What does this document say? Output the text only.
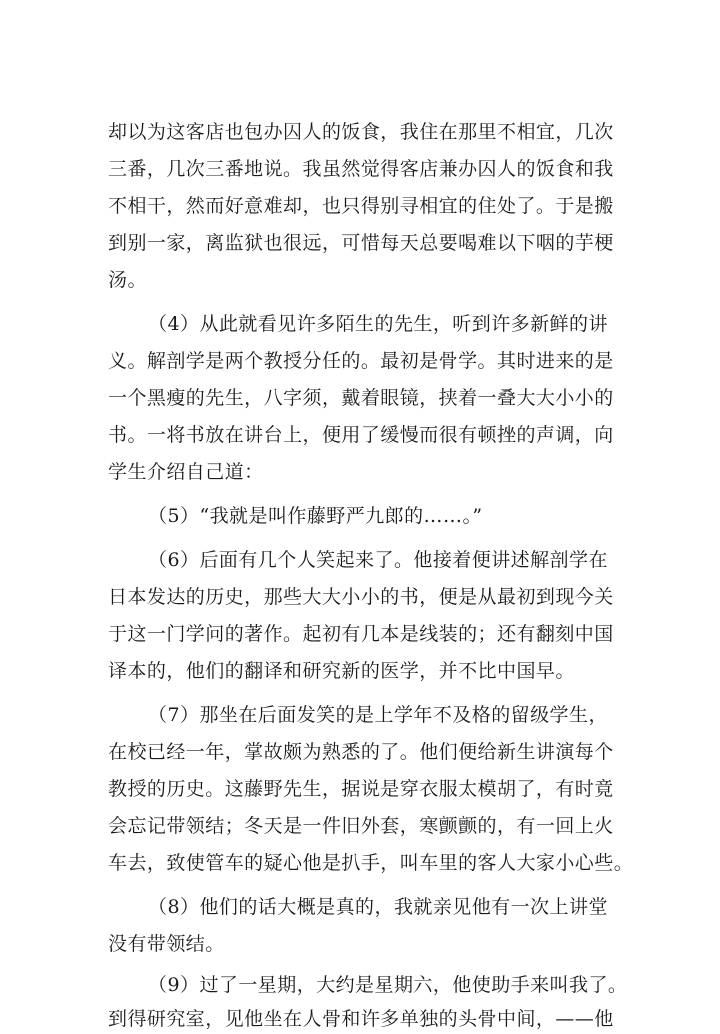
却以为这客店也包办囚人的饭食，我住在那里不相宜，几次
三番，几次三番地说。我虽然觉得客店兼办囚人的饭食和我
不相干，然而好意难却，也只得别寻相宜的住处了。于是搬
到别一家，离监狱也很远，可惜每天总要喝难以下咽的芋梗
汤。
（4）从此就看见许多陌生的先生，听到许多新鲜的讲
义。解剖学是两个教授分任的。最初是骨学。其时进来的是
一个黑瘦的先生，八字须，戴着眼镜，挟着一叠大大小小的
书。一将书放在讲台上，便用了缓慢而很有顿挫的声调，向
学生介绍自己道：
（5）“我就是叫作藤野严九郎的……。”
（6）后面有几个人笑起来了。他接着便讲述解剖学在
日本发达的历史，那些大大小小的书，便是从最初到现今关
于这一门学问的著作。起初有几本是线装的；还有翻刻中国
译本的，他们的翻译和研究新的医学，并不比中国早。
（7）那坐在后面发笑的是上学年不及格的留级学生，
在校已经一年，掌故颇为熟悉的了。他们便给新生讲演每个
教授的历史。这藤野先生，据说是穿衣服太模胡了，有时竟
会忘记带领结；冬天是一件旧外套，寒颤颤的，有一回上火
车去，致使管车的疑心他是扒手，叫车里的客人大家小心些。
（8）他们的话大概是真的，我就亲见他有一次上讲堂
没有带领结。
（9）过了一星期，大约是星期六，他使助手来叫我了。
到得研究室，见他坐在人骨和许多单独的头骨中间，——他
